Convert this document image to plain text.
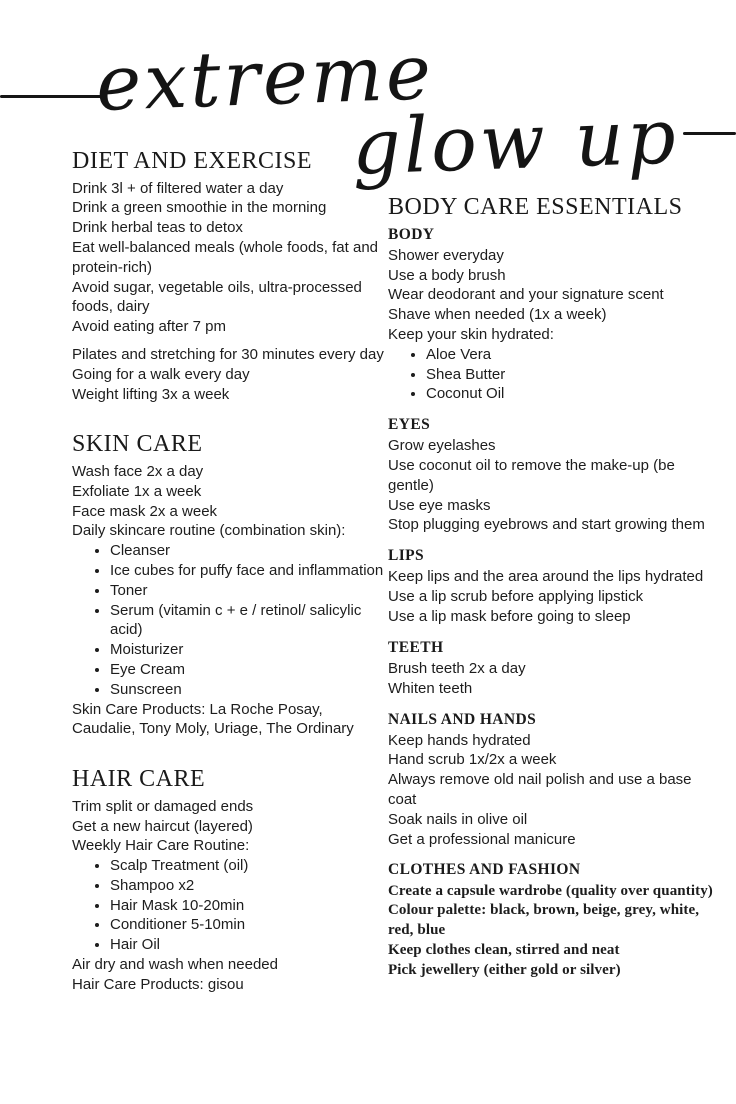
extreme
glow up
DIET AND EXERCISE

Drink 3l + of filtered water a day

Drink a green smoothie in the morning

Drink herbal teas to detox

Eat well-balanced meals (whole foods, fat and protein-rich)

Avoid sugar, vegetable oils, ultra-processed foods, dairy

Avoid eating after 7 pm

Pilates and stretching for 30 minutes every day

Going for a walk every day

Weight lifting 3x a week

SKIN CARE

Wash face 2x a day

Exfoliate 1x a week

Face mask 2x a week

Daily skincare routine (combination skin):

• Cleanser
• Ice cubes for puffy face and inflammation
• Toner
• Serum (vitamin c + e / retinol/ salicylic acid)
• Moisturizer
• Eye Cream
• Sunscreen

Skin Care Products: La Roche Posay, Caudalie, Tony Moly, Uriage, The Ordinary

HAIR CARE

Trim split or damaged ends

Get a new haircut (layered)

Weekly Hair Care Routine:

• Scalp Treatment (oil)
• Shampoo x2
• Hair Mask 10-20min
• Conditioner 5-10min
• Hair Oil

Air dry and wash when needed

Hair Care Products: gisou

BODY CARE ESSENTIALS
BODY

Shower everyday

Use a body brush

Wear deodorant and your signature scent

Shave when needed (1x a week)

Keep your skin hydrated:

• Aloe Vera
• Shea Butter
• Coconut Oil
EYES

Grow eyelashes

Use coconut oil to remove the make-up (be gentle)

Use eye masks

Stop plugging eyebrows and start growing them

LIPS

Keep lips and the area around the lips hydrated

Use a lip scrub before applying lipstick

Use a lip mask before going to sleep

TEETH

Brush teeth 2x a day

Whiten teeth

NAILS AND HANDS

Keep hands hydrated

Hand scrub 1x/2x a week

Always remove old nail polish and use a base coat

Soak nails in olive oil

Get a professional manicure

CLOTHES AND FASHION

Create a capsule wardrobe (quality over quantity)

Colour palette: black, brown, beige, grey, white, red, blue

Keep clothes clean, stirred and neat

Pick jewellery (either gold or silver)
